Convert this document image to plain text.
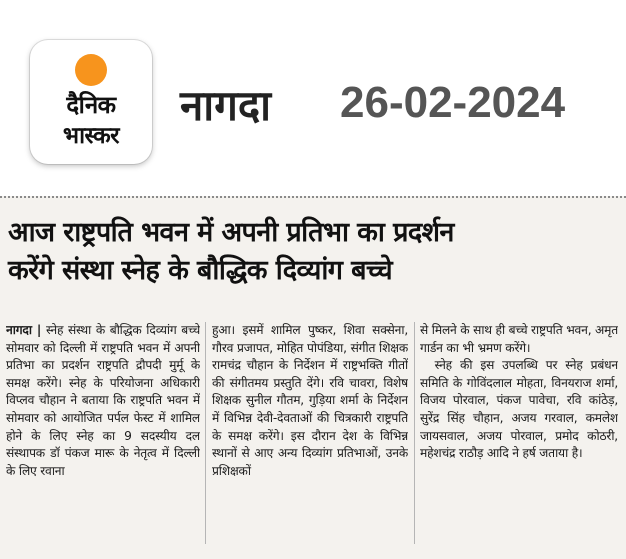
दैनिक
भास्कर
नागदा 26-02-2024
आज राष्ट्रपति भवन में अपनी प्रतिभा का प्रदर्शन
करेंगे संस्था स्नेह के बौद्धिक दिव्यांग बच्चे

नागदा | स्नेह संस्था के बौद्धिक दिव्यांग बच्चे सोमवार को दिल्ली में राष्ट्रपति भवन में अपनी प्रतिभा का प्रदर्शन राष्ट्रपति द्रौपदी मुर्मू के समक्ष करेंगे। स्नेह के परियोजना अधिकारी विप्लव चौहान ने बताया कि राष्ट्रपति भवन में सोमवार को आयोजित पर्पल फेस्ट में शामिल होने के लिए स्नेह का 9 सदस्यीय दल संस्थापक डॉ पंकज मारू के नेतृत्व में दिल्ली के लिए रवाना

हुआ। इसमें शामिल पुष्कर, शिवा सक्सेना, गौरव प्रजापत, मोहित पोपंडिया, संगीत शिक्षक रामचंद्र चौहान के निर्देशन में राष्ट्रभक्ति गीतों की संगीतमय प्रस्तुति देंगे। रवि चावरा, विशेष शिक्षक सुनील गौतम, गुड़िया शर्मा के निर्देशन में विभिन्न देवी-देवताओं की चित्रकारी राष्ट्रपति के समक्ष करेंगे। इस दौरान देश के विभिन्न स्थानों से आए अन्य दिव्यांग प्रतिभाओं, उनके प्रशिक्षकों

से मिलने के साथ ही बच्चे राष्ट्रपति भवन, अमृत गार्डन का भी भ्रमण करेंगे।

स्नेह की इस उपलब्धि पर स्नेह प्रबंधन समिति के गोविंदलाल मोहता, विनयराज शर्मा, विजय पोरवाल, पंकज पावेचा, रवि कांठेड़, सुरेंद्र सिंह चौहान, अजय गरवाल, कमलेश जायसवाल, अजय पोरवाल, प्रमोद कोठरी, महेशचंद्र राठौड़ आदि ने हर्ष जताया है।
